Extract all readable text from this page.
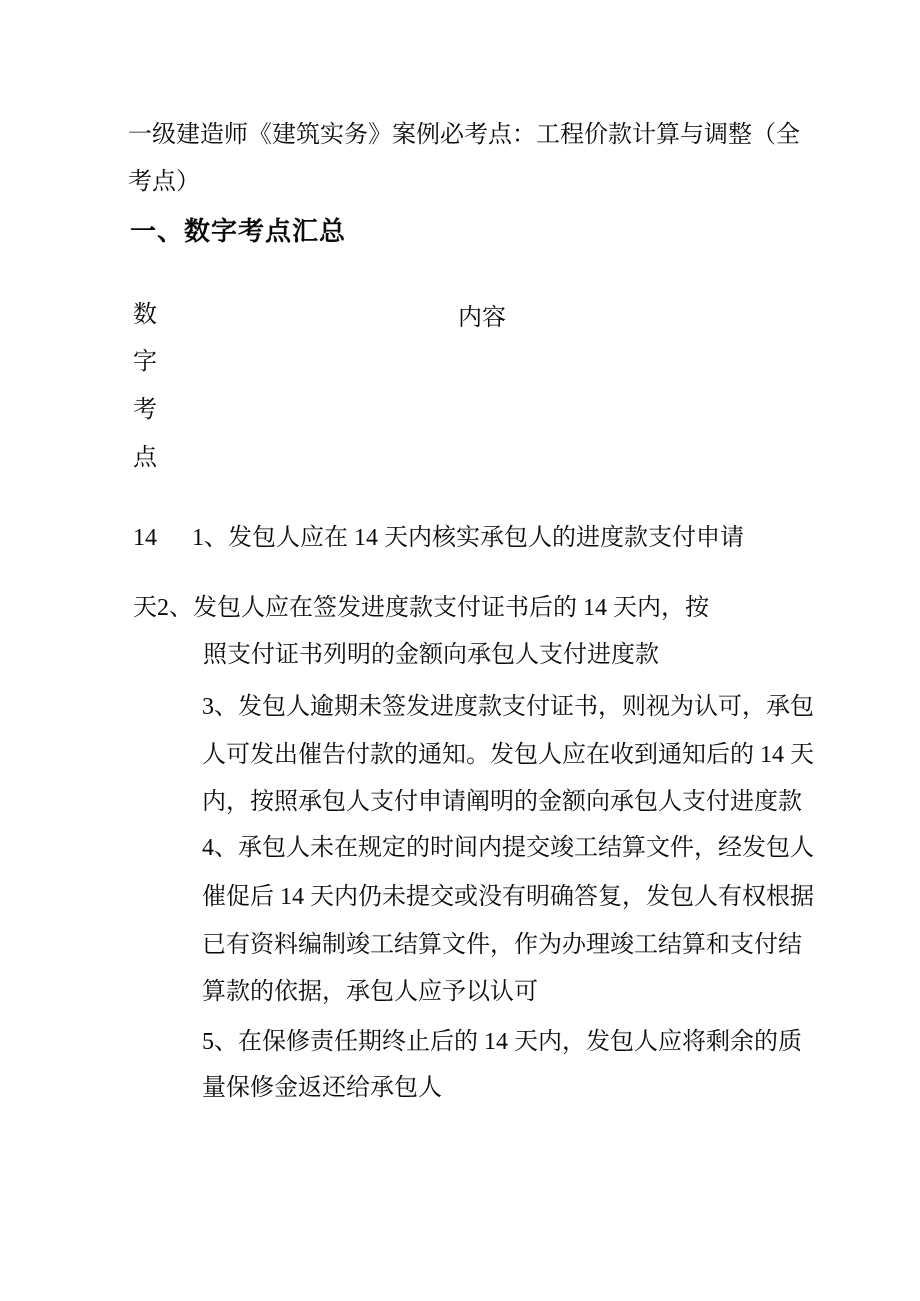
一级建造师《建筑实务》案例必考点：工程价款计算与调整（全
考点）
一、数字考点汇总
数
字
考
点
内容
14
天
1、发包人应在 14 天内核实承包人的进度款支付申请
2、发包人应在签发进度款支付证书后的 14 天内，按
照支付证书列明的金额向承包人支付进度款
3、发包人逾期未签发进度款支付证书，则视为认可，承包
人可发出催告付款的通知。发包人应在收到通知后的 14 天
内，按照承包人支付申请阐明的金额向承包人支付进度款
4、承包人未在规定的时间内提交竣工结算文件，经发包人
催促后 14 天内仍未提交或没有明确答复，发包人有权根据
已有资料编制竣工结算文件，作为办理竣工结算和支付结
算款的依据，承包人应予以认可
5、在保修责任期终止后的 14 天内，发包人应将剩余的质
量保修金返还给承包人
